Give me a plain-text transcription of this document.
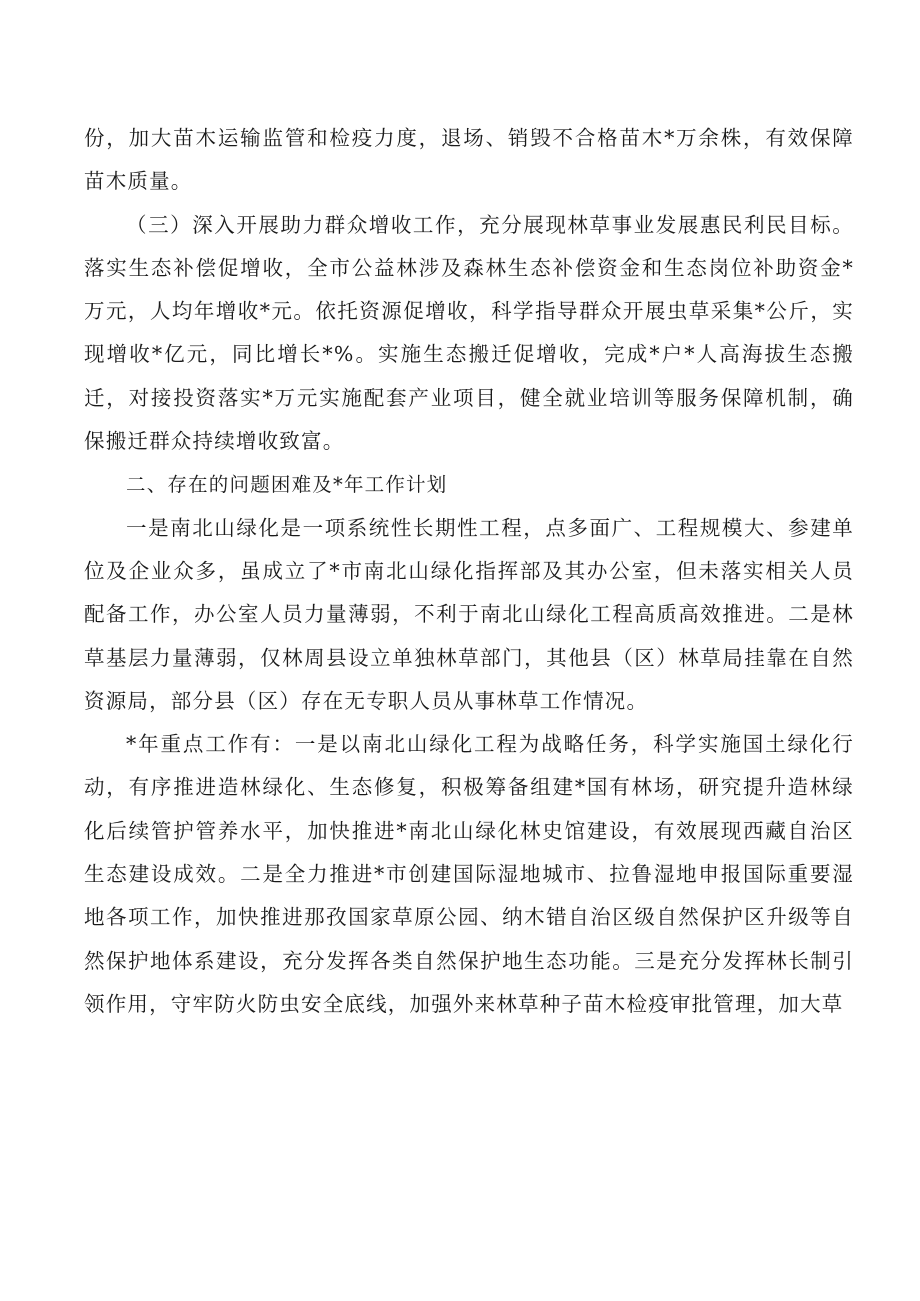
份，加大苗木运输监管和检疫力度，退场、销毁不合格苗木*万余株，有效保障苗木质量。

（三）深入开展助力群众增收工作，充分展现林草事业发展惠民利民目标。落实生态补偿促增收，全市公益林涉及森林生态补偿资金和生态岗位补助资金*万元，人均年增收*元。依托资源促增收，科学指导群众开展虫草采集*公斤，实现增收*亿元，同比增长*%。实施生态搬迁促增收，完成*户*人高海拔生态搬迁，对接投资落实*万元实施配套产业项目，健全就业培训等服务保障机制，确保搬迁群众持续增收致富。

二、存在的问题困难及*年工作计划

一是南北山绿化是一项系统性长期性工程，点多面广、工程规模大、参建单位及企业众多，虽成立了*市南北山绿化指挥部及其办公室，但未落实相关人员配备工作，办公室人员力量薄弱，不利于南北山绿化工程高质高效推进。二是林草基层力量薄弱，仅林周县设立单独林草部门，其他县（区）林草局挂靠在自然资源局，部分县（区）存在无专职人员从事林草工作情况。

*年重点工作有：一是以南北山绿化工程为战略任务，科学实施国土绿化行动，有序推进造林绿化、生态修复，积极筹备组建*国有林场，研究提升造林绿化后续管护管养水平，加快推进*南北山绿化林史馆建设，有效展现西藏自治区生态建设成效。二是全力推进*市创建国际湿地城市、拉鲁湿地申报国际重要湿地各项工作，加快推进那孜国家草原公园、纳木错自治区级自然保护区升级等自然保护地体系建设，充分发挥各类自然保护地生态功能。三是充分发挥林长制引领作用，守牢防火防虫安全底线，加强外来林草种子苗木检疫审批管理，加大草
